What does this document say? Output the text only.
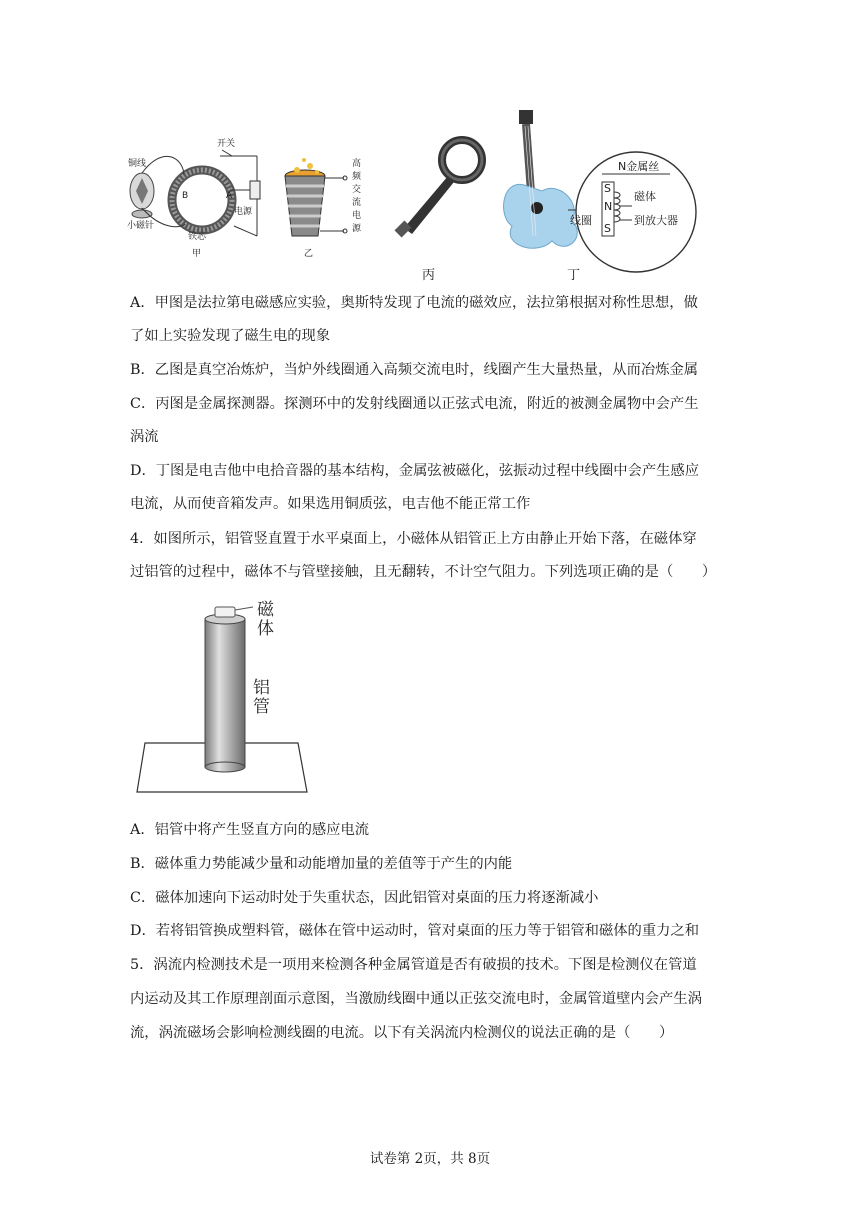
铜线
开关
B	A
小磁针
铁芯
电源
甲
高
频
交
流
电
源
乙
丙
N金属丝
S
N
S
磁体
线圈	到放大器
丁
A．甲图是法拉第电磁感应实验，奥斯特发现了电流的磁效应，法拉第根据对称性思想，做
了如上实验发现了磁生电的现象
B．乙图是真空冶炼炉，当炉外线圈通入高频交流电时，线圈产生大量热量，从而冶炼金属
C．丙图是金属探测器。探测环中的发射线圈通以正弦式电流，附近的被测金属物中会产生
涡流
D．丁图是电吉他中电拾音器的基本结构，金属弦被磁化，弦振动过程中线圈中会产生感应
电流，从而使音箱发声。如果选用铜质弦，电吉他不能正常工作
4．如图所示，铝管竖直置于水平桌面上，小磁体从铝管正上方由静止开始下落，在磁体穿
过铝管的过程中，磁体不与管壁接触，且无翻转，不计空气阻力。下列选项正确的是（　　）
磁
体
铝
管
A．铝管中将产生竖直方向的感应电流
B．磁体重力势能减少量和动能增加量的差值等于产生的内能
C．磁体加速向下运动时处于失重状态，因此铝管对桌面的压力将逐渐减小
D．若将铝管换成塑料管，磁体在管中运动时，管对桌面的压力等于铝管和磁体的重力之和
5．涡流内检测技术是一项用来检测各种金属管道是否有破损的技术。下图是检测仪在管道
内运动及其工作原理剖面示意图，当激励线圈中通以正弦交流电时，金属管道壁内会产生涡
流，涡流磁场会影响检测线圈的电流。以下有关涡流内检测仪的说法正确的是（　　）
试卷第 2页，共 8页
